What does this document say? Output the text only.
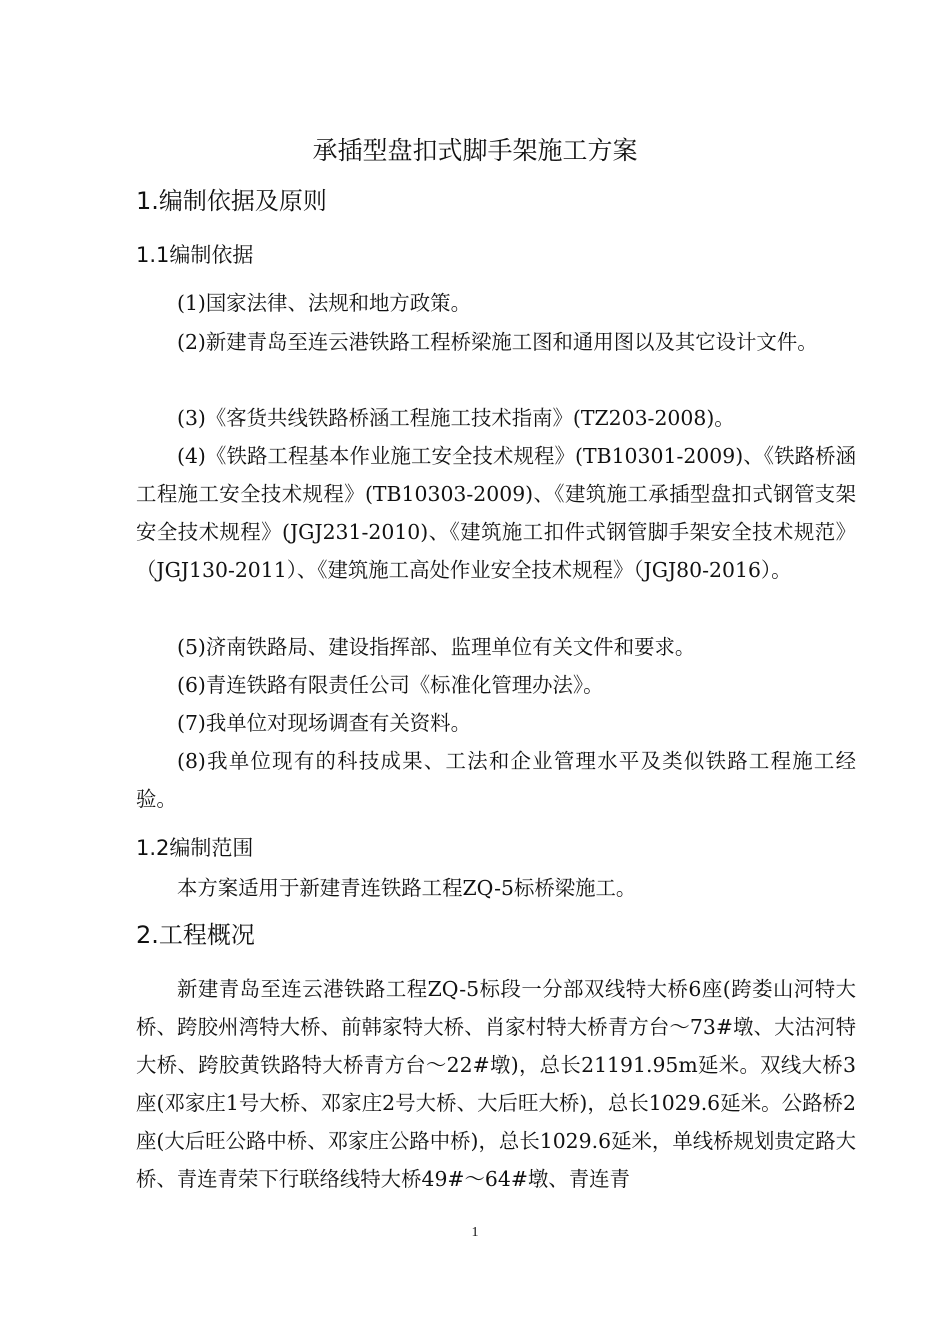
承插型盘扣式脚手架施工方案
1.编制依据及原则
1.1编制依据
(1)国家法律、法规和地方政策。
(2)新建青岛至连云港铁路工程桥梁施工图和通用图以及其它设计文件。
(3)《客货共线铁路桥涵工程施工技术指南》(TZ203-2008)。
(4)《铁路工程基本作业施工安全技术规程》(TB10301-2009)、《铁路桥涵工程施工安全技术规程》(TB10303-2009)、《建筑施工承插型盘扣式钢管支架安全技术规程》(JGJ231-2010)、《建筑施工扣件式钢管脚手架安全技术规范》（JGJ130-2011）、《建筑施工高处作业安全技术规程》（JGJ80-2016）。
(5)济南铁路局、建设指挥部、监理单位有关文件和要求。
(6)青连铁路有限责任公司《标准化管理办法》。
(7)我单位对现场调查有关资料。
(8)我单位现有的科技成果、工法和企业管理水平及类似铁路工程施工经验。
1.2编制范围
本方案适用于新建青连铁路工程ZQ-5标桥梁施工。
2.工程概况
新建青岛至连云港铁路工程ZQ-5标段一分部双线特大桥6座(跨娄山河特大桥、跨胶州湾特大桥、前韩家特大桥、肖家村特大桥青方台～73#墩、大沽河特大桥、跨胶黄铁路特大桥青方台～22#墩)，总长21191.95m延米。双线大桥3座(邓家庄1号大桥、邓家庄2号大桥、大后旺大桥)，总长1029.6延米。公路桥2座(大后旺公路中桥、邓家庄公路中桥)，总长1029.6延米，单线桥规划贵定路大桥、青连青荣下行联络线特大桥49#～64#墩、青连青
1
